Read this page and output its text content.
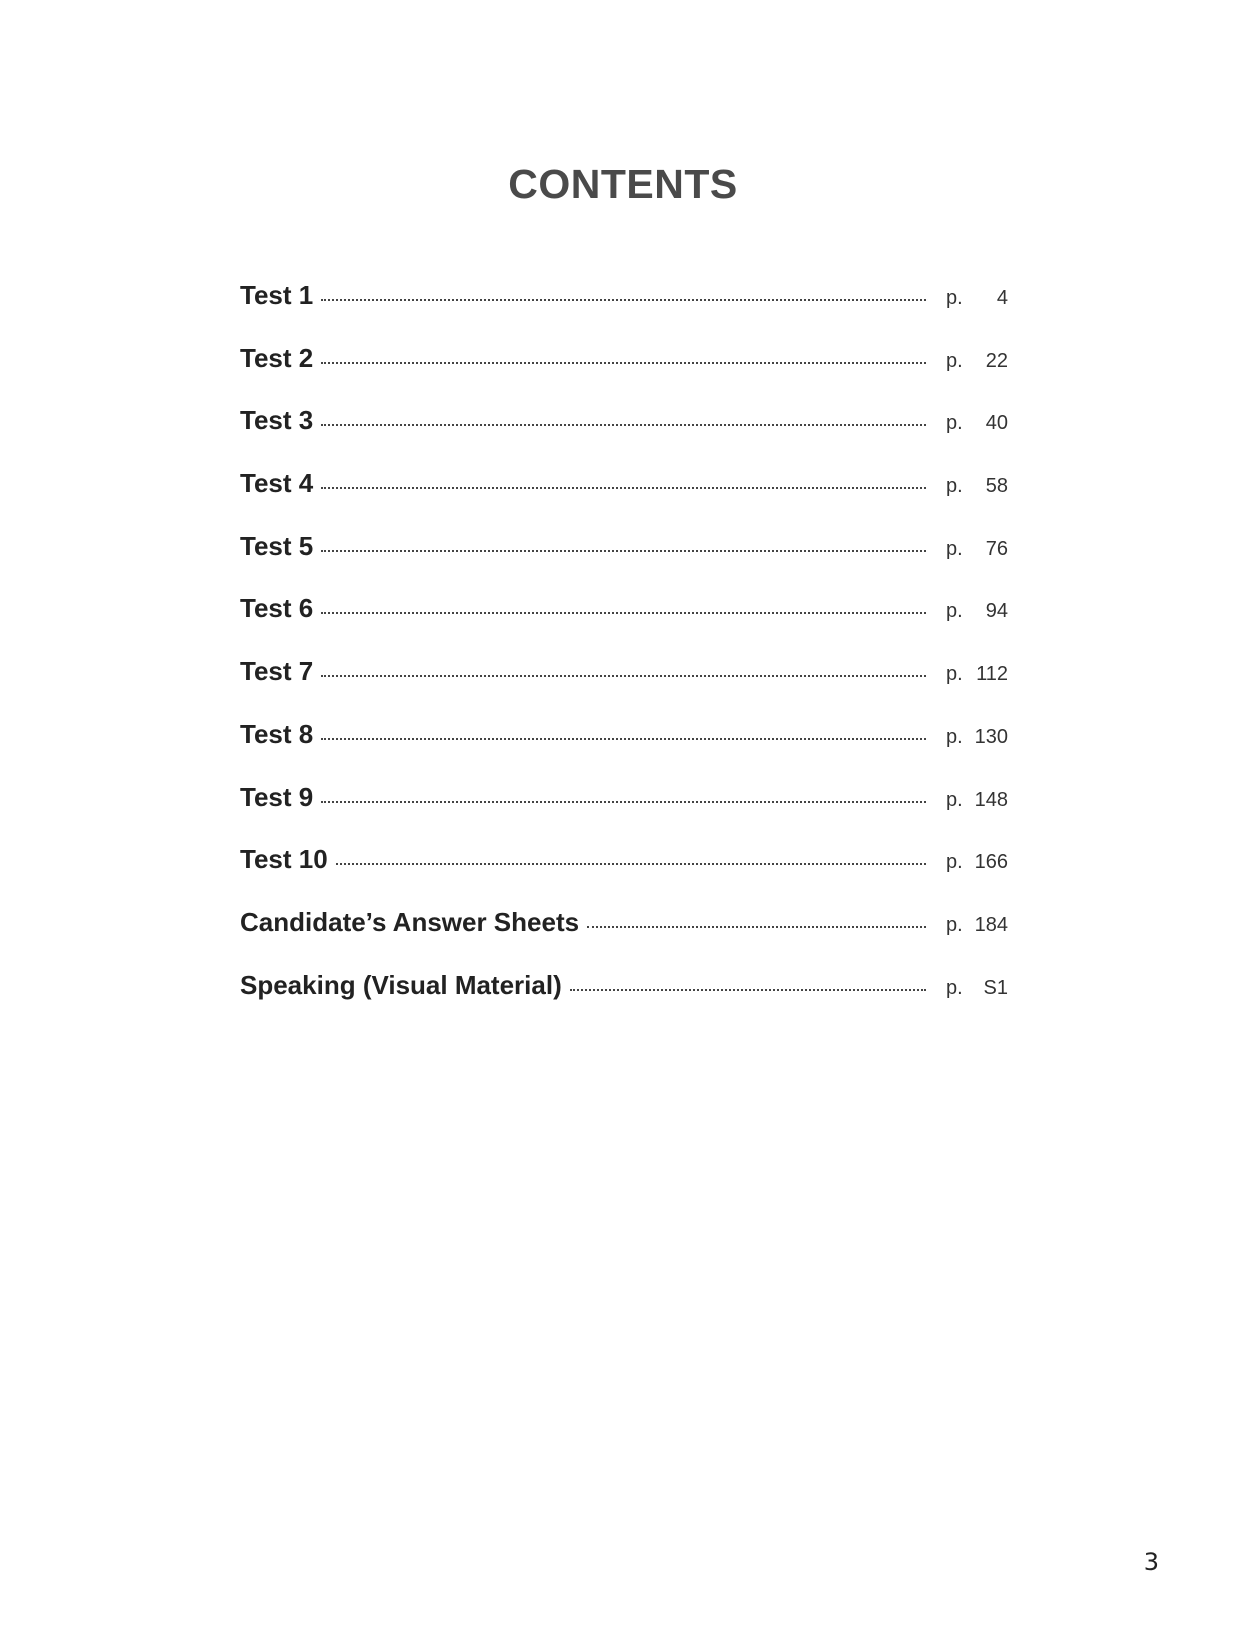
CONTENTS
Test 1	p.	4
Test 2	p.	22
Test 3	p.	40
Test 4	p.	58
Test 5	p.	76
Test 6	p.	94
Test 7	p. 112
Test 8	p. 130
Test 9	p. 148
Test 10	p. 166
Candidate’s Answer Sheets	p. 184
Speaking (Visual Material)	p.	S1
3
